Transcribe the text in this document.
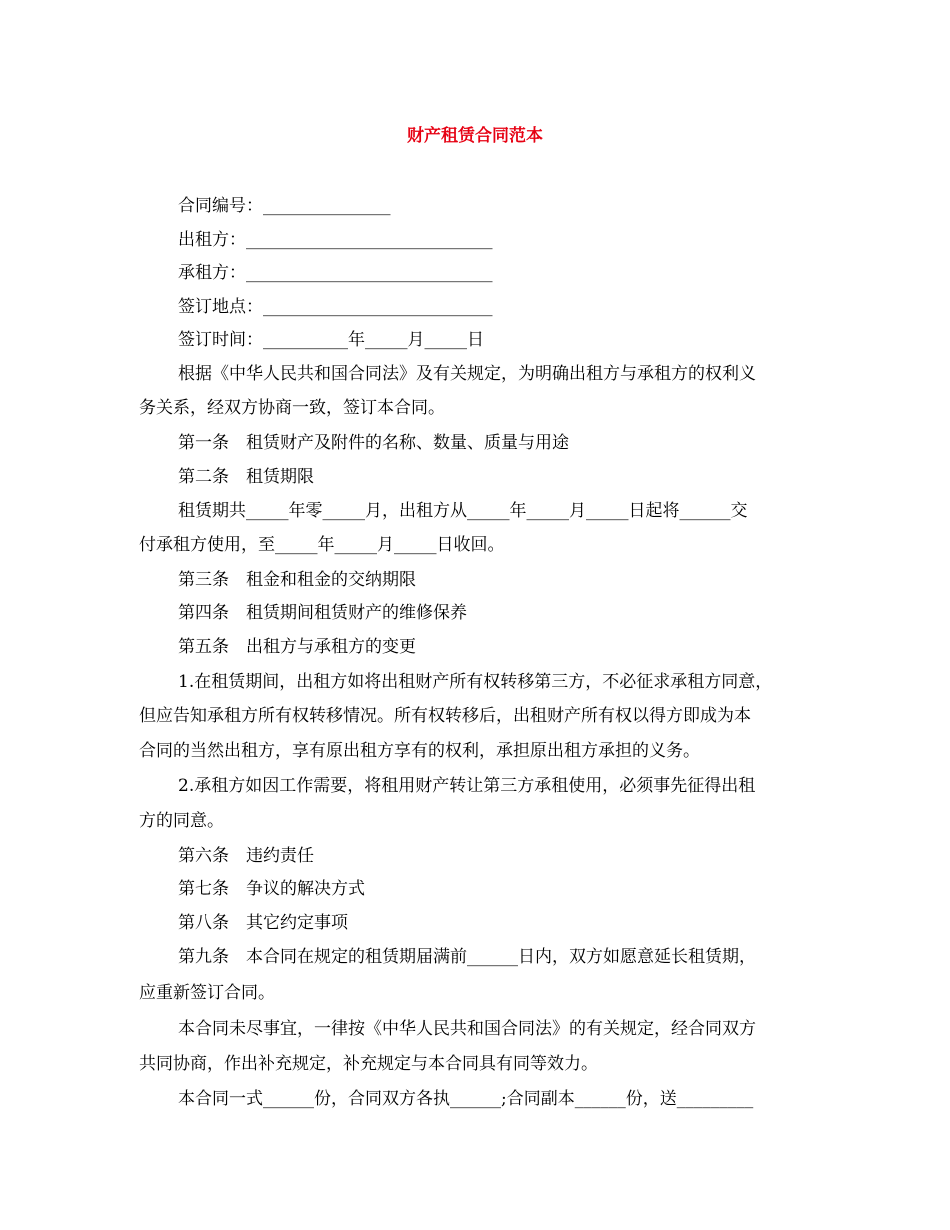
财产租赁合同范本
合同编号：_______________
出租方：_____________________________
承租方：_____________________________
签订地点：___________________________
签订时间：__________年_____月_____日
根据《中华人民共和国合同法》及有关规定，为明确出租方与承租方的权利义
务关系，经双方协商一致，签订本合同。
第一条　租赁财产及附件的名称、数量、质量与用途
第二条　租赁期限
租赁期共_____年零_____月，出租方从_____年_____月_____日起将______交
付承租方使用，至_____年_____月_____日收回。
第三条　租金和租金的交纳期限
第四条　租赁期间租赁财产的维修保养
第五条　出租方与承租方的变更
1.在租赁期间，出租方如将出租财产所有权转移第三方，不必征求承租方同意，
但应告知承租方所有权转移情况。所有权转移后，出租财产所有权以得方即成为本
合同的当然出租方，享有原出租方享有的权利，承担原出租方承担的义务。
2.承租方如因工作需要，将租用财产转让第三方承租使用，必须事先征得出租
方的同意。
第六条　违约责任
第七条　争议的解决方式
第八条　其它约定事项
第九条　本合同在规定的租赁期届满前______日内，双方如愿意延长租赁期，
应重新签订合同。
本合同未尽事宜，一律按《中华人民共和国合同法》的有关规定，经合同双方
共同协商，作出补充规定，补充规定与本合同具有同等效力。
本合同一式______份，合同双方各执______;合同副本______份，送_________
